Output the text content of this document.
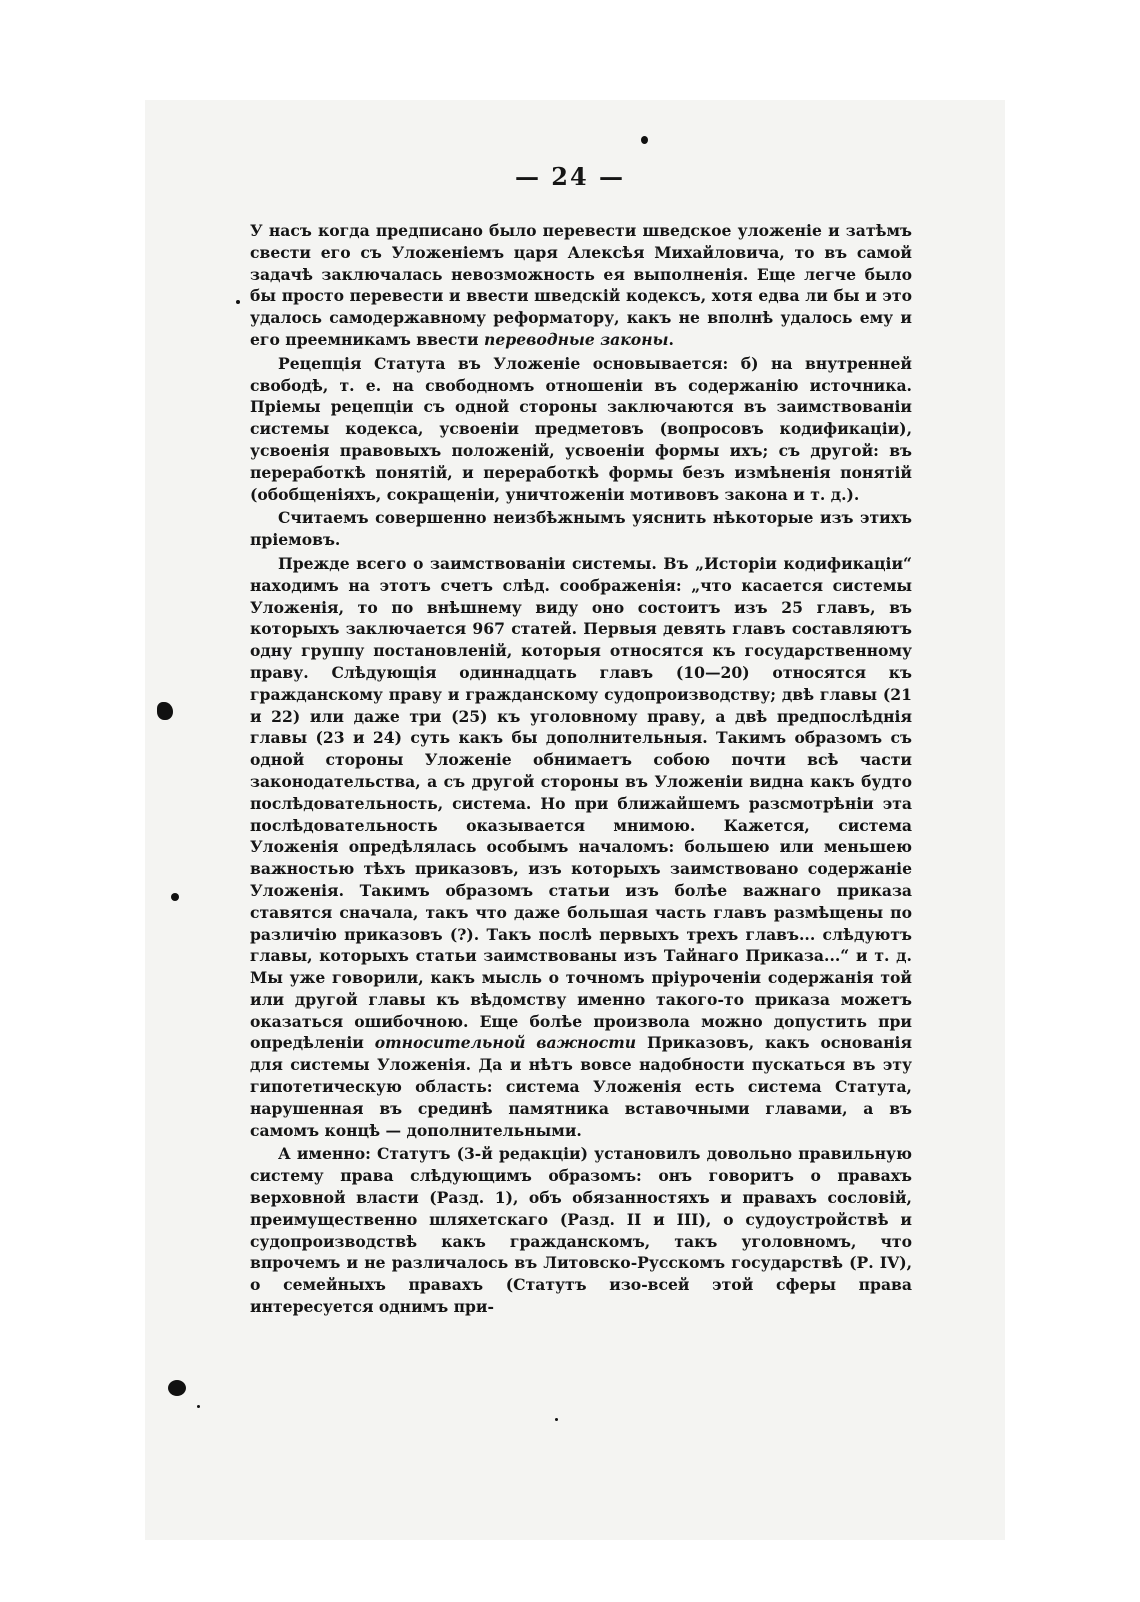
— 24 —

У насъ когда предписано было перевести шведское уложеніе и затѣмъ свести его съ Уложеніемъ царя Алексѣя Михайловича, то въ самой задачѣ заключалась невозможность ея выполненія. Еще легче было бы просто перевести и ввести шведскій кодексъ, хотя едва ли бы и это удалось самодержавному реформатору, какъ не вполнѣ удалось ему и его преемникамъ ввести переводные законы.

Рецепція Статута въ Уложеніе основывается: б) на внутренней свободѣ, т. е. на свободномъ отношеніи въ содержанію источника. Пріемы рецепціи съ одной стороны заключаются въ заимствованіи системы кодекса, усвоеніи предметовъ (вопросовъ кодификаціи), усвоенія правовыхъ положеній, усвоеніи формы ихъ; съ другой: въ переработкѣ понятій, и переработкѣ формы безъ измѣненія понятій (обобщеніяхъ, сокращеніи, уничтоженіи мотивовъ закона и т. д.).

Считаемъ совершенно неизбѣжнымъ уяснить нѣкоторые изъ этихъ пріемовъ.

Прежде всего о заимствованіи системы. Въ „Исторіи кодификаціи“ находимъ на этотъ счетъ слѣд. соображенія: „что касается системы Уложенія, то по внѣшнему виду оно состоитъ изъ 25 главъ, въ которыхъ заключается 967 статей. Первыя девять главъ составляютъ одну группу постановленій, которыя относятся къ государственному праву. Слѣдующія одиннадцать главъ (10—20) относятся къ гражданскому праву и гражданскому судопроизводству; двѣ главы (21 и 22) или даже три (25) къ уголовному праву, а двѣ предпослѣднія главы (23 и 24) суть какъ бы дополнительныя. Такимъ образомъ съ одной стороны Уложеніе обнимаетъ собою почти всѣ части законодательства, а съ другой стороны въ Уложеніи видна какъ будто послѣдовательность, система. Но при ближайшемъ разсмотрѣніи эта послѣдовательность оказывается мнимою. Кажется, система Уложенія опредѣлялась особымъ началомъ: большею или меньшею важностью тѣхъ приказовъ, изъ которыхъ заимствовано содержаніе Уложенія. Такимъ образомъ статьи изъ болѣе важнаго приказа ставятся сначала, такъ что даже большая часть главъ размѣщены по различію приказовъ (?). Такъ послѣ первыхъ трехъ главъ... слѣдуютъ главы, которыхъ статьи заимствованы изъ Тайнаго Приказа...“ и т. д. Мы уже говорили, какъ мысль о точномъ пріуроченіи содержанія той или другой главы къ вѣдомству именно такого-то приказа можетъ оказаться ошибочною. Еще болѣе произвола можно допустить при опредѣленіи относительной важности Приказовъ, какъ основанія для системы Уложенія. Да и нѣтъ вовсе надобности пускаться въ эту гипотетическую область: система Уложенія есть система Статута, нарушенная въ срединѣ памятника вставочными главами, а въ самомъ концѣ — дополнительными.

А именно: Статутъ (3-й редакціи) установилъ довольно правильную систему права слѣдующимъ образомъ: онъ говоритъ о правахъ верховной власти (Разд. 1), объ обязанностяхъ и правахъ сословій, преимущественно шляхетскаго (Разд. II и III), о судоустройствѣ и судопроизводствѣ какъ гражданскомъ, такъ уголовномъ, что впрочемъ и не различалось въ Литовско-Русскомъ государствѣ (Р. IV), о семейныхъ правахъ (Статутъ изо-всей этой сферы права интересуется однимъ при-
